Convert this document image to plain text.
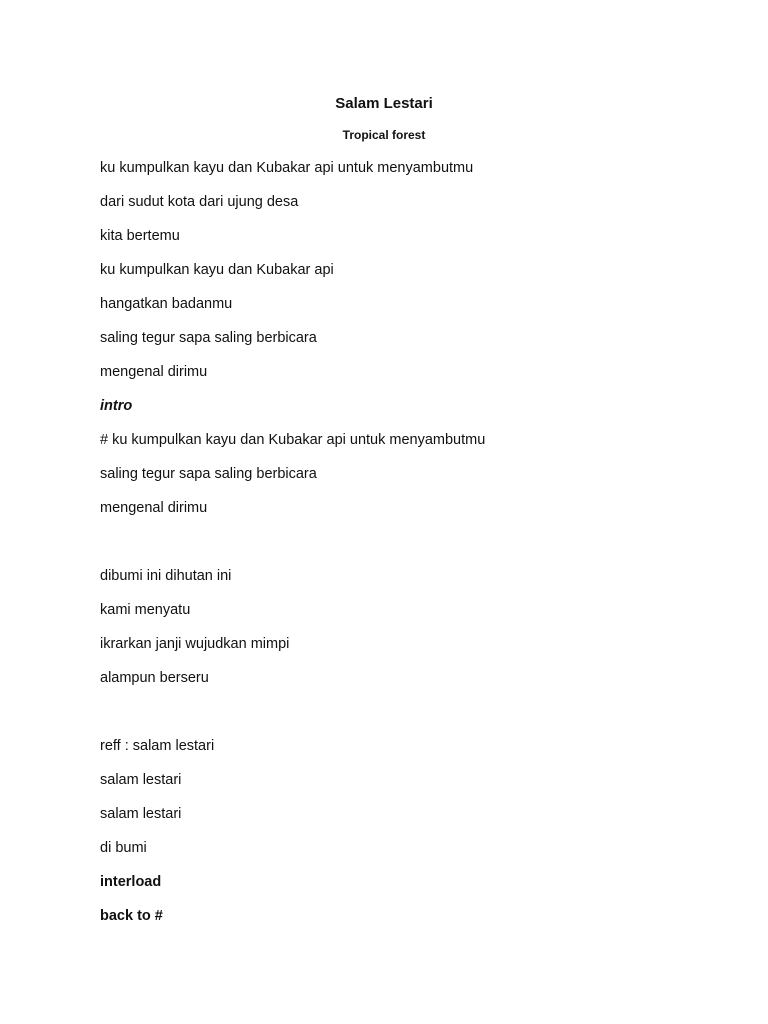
Salam Lestari
Tropical forest
ku kumpulkan kayu dan Kubakar api untuk menyambutmu
dari sudut kota dari ujung desa
kita bertemu
ku kumpulkan kayu dan Kubakar api
hangatkan badanmu
saling tegur sapa saling berbicara
mengenal dirimu
intro
# ku kumpulkan kayu dan Kubakar api untuk menyambutmu
saling tegur sapa saling berbicara
mengenal dirimu
dibumi ini dihutan ini
kami menyatu
ikrarkan janji wujudkan mimpi
alampun berseru
reff : salam lestari
salam lestari
salam lestari
di bumi
interload
back to #
